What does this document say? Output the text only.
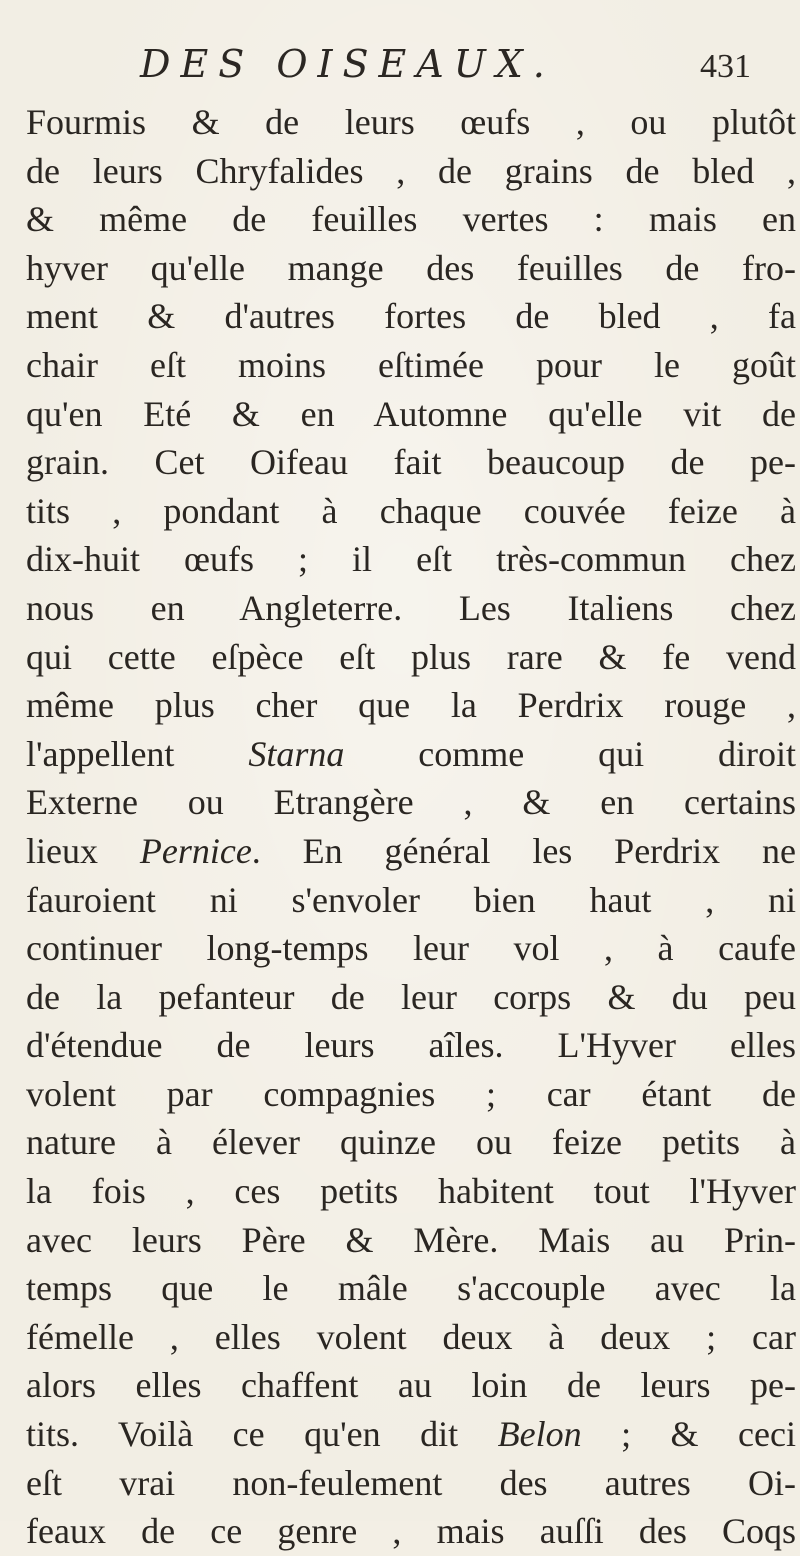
DES OISEAUX.	431
Fourmis & de leurs œufs , ou plutôt
de leurs Chryfalides , de grains de bled ,
& même de feuilles vertes : mais en
hyver qu'elle mange des feuilles de fro-
ment & d'autres fortes de bled , fa
chair eſt moins eſtimée pour le goût
qu'en Eté & en Automne qu'elle vit de
grain. Cet Oifeau fait beaucoup de pe-
tits , pondant à chaque couvée feize à
dix-huit œufs ; il eſt très-commun chez
nous en Angleterre. Les Italiens chez
qui cette eſpèce eſt plus rare & fe vend
même plus cher que la Perdrix rouge ,
l'appellent Starna comme qui diroit
Externe ou Etrangère , & en certains
lieux Pernice. En général les Perdrix ne
fauroient ni s'envoler bien haut , ni
continuer long-temps leur vol , à caufe
de la pefanteur de leur corps & du peu
d'étendue de leurs aîles. L'Hyver elles
volent par compagnies ; car étant de
nature à élever quinze ou feize petits à
la fois , ces petits habitent tout l'Hyver
avec leurs Père & Mère. Mais au Prin-
temps que le mâle s'accouple avec la
fémelle , elles volent deux à deux ; car
alors elles chaffent au loin de leurs pe-
tits. Voilà ce qu'en dit Belon ; & ceci
eſt vrai non-feulement des autres Oi-
feaux de ce genre , mais auſſi des Coqs
